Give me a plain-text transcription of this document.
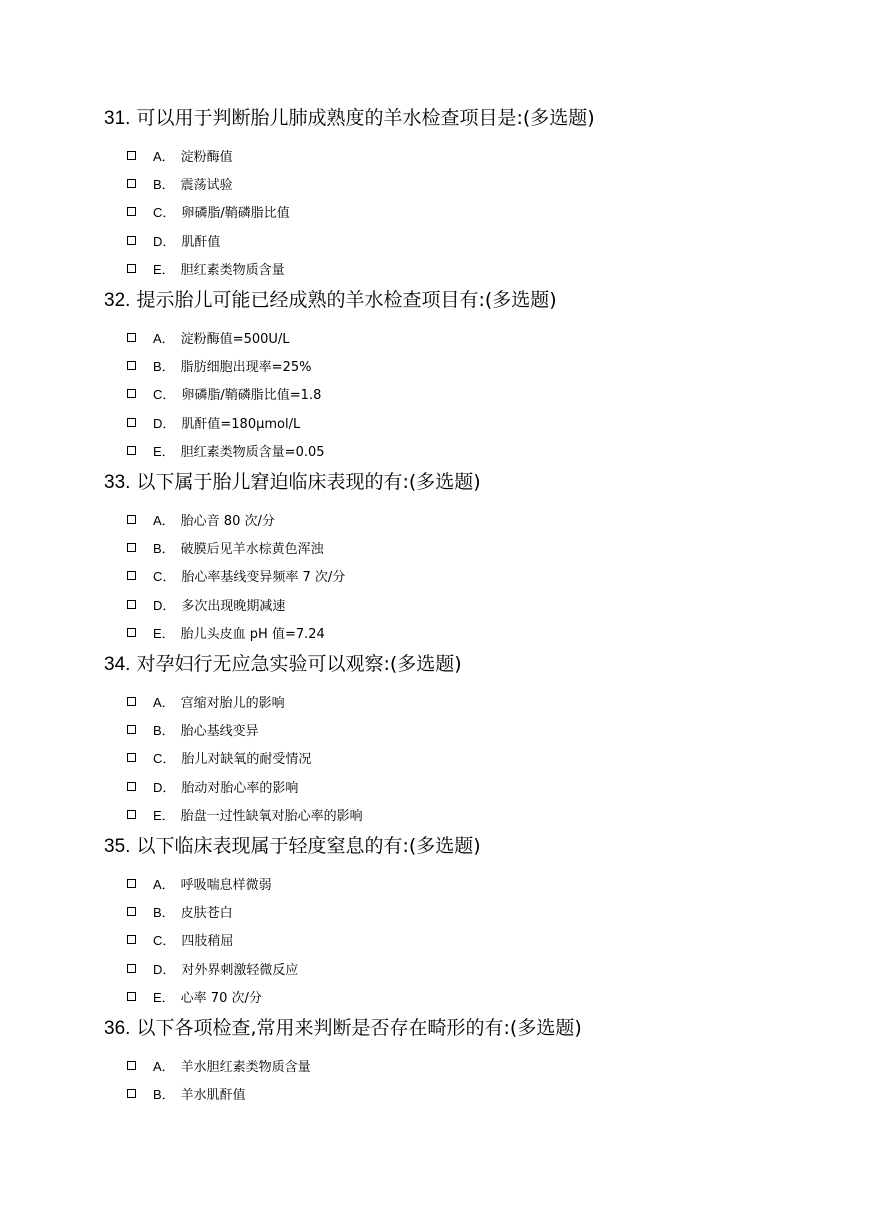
31. 可以用于判断胎儿肺成熟度的羊水检查项目是:(多选题)

A． 淀粉酶值
B． 震荡试验
C． 卵磷脂/鞘磷脂比值
D． 肌酐值
E． 胆红素类物质含量

32. 提示胎儿可能已经成熟的羊水检查项目有:(多选题)

A． 淀粉酶值=500U/L
B． 脂肪细胞出现率=25%
C． 卵磷脂/鞘磷脂比值=1.8
D． 肌酐值=180μmol/L
E． 胆红素类物质含量=0.05

33. 以下属于胎儿窘迫临床表现的有:(多选题)

A． 胎心音 80 次/分
B． 破膜后见羊水棕黄色浑浊
C． 胎心率基线变异频率 7 次/分
D． 多次出现晚期减速
E． 胎儿头皮血 pH 值=7.24

34. 对孕妇行无应急实验可以观察:(多选题)

A． 宫缩对胎儿的影响
B． 胎心基线变异
C． 胎儿对缺氧的耐受情况
D． 胎动对胎心率的影响
E． 胎盘一过性缺氧对胎心率的影响

35. 以下临床表现属于轻度窒息的有:(多选题)

A． 呼吸喘息样微弱
B． 皮肤苍白
C． 四肢稍屈
D． 对外界刺激轻微反应
E． 心率 70 次/分

36. 以下各项检查,常用来判断是否存在畸形的有:(多选题)

A． 羊水胆红素类物质含量
B． 羊水肌酐值
